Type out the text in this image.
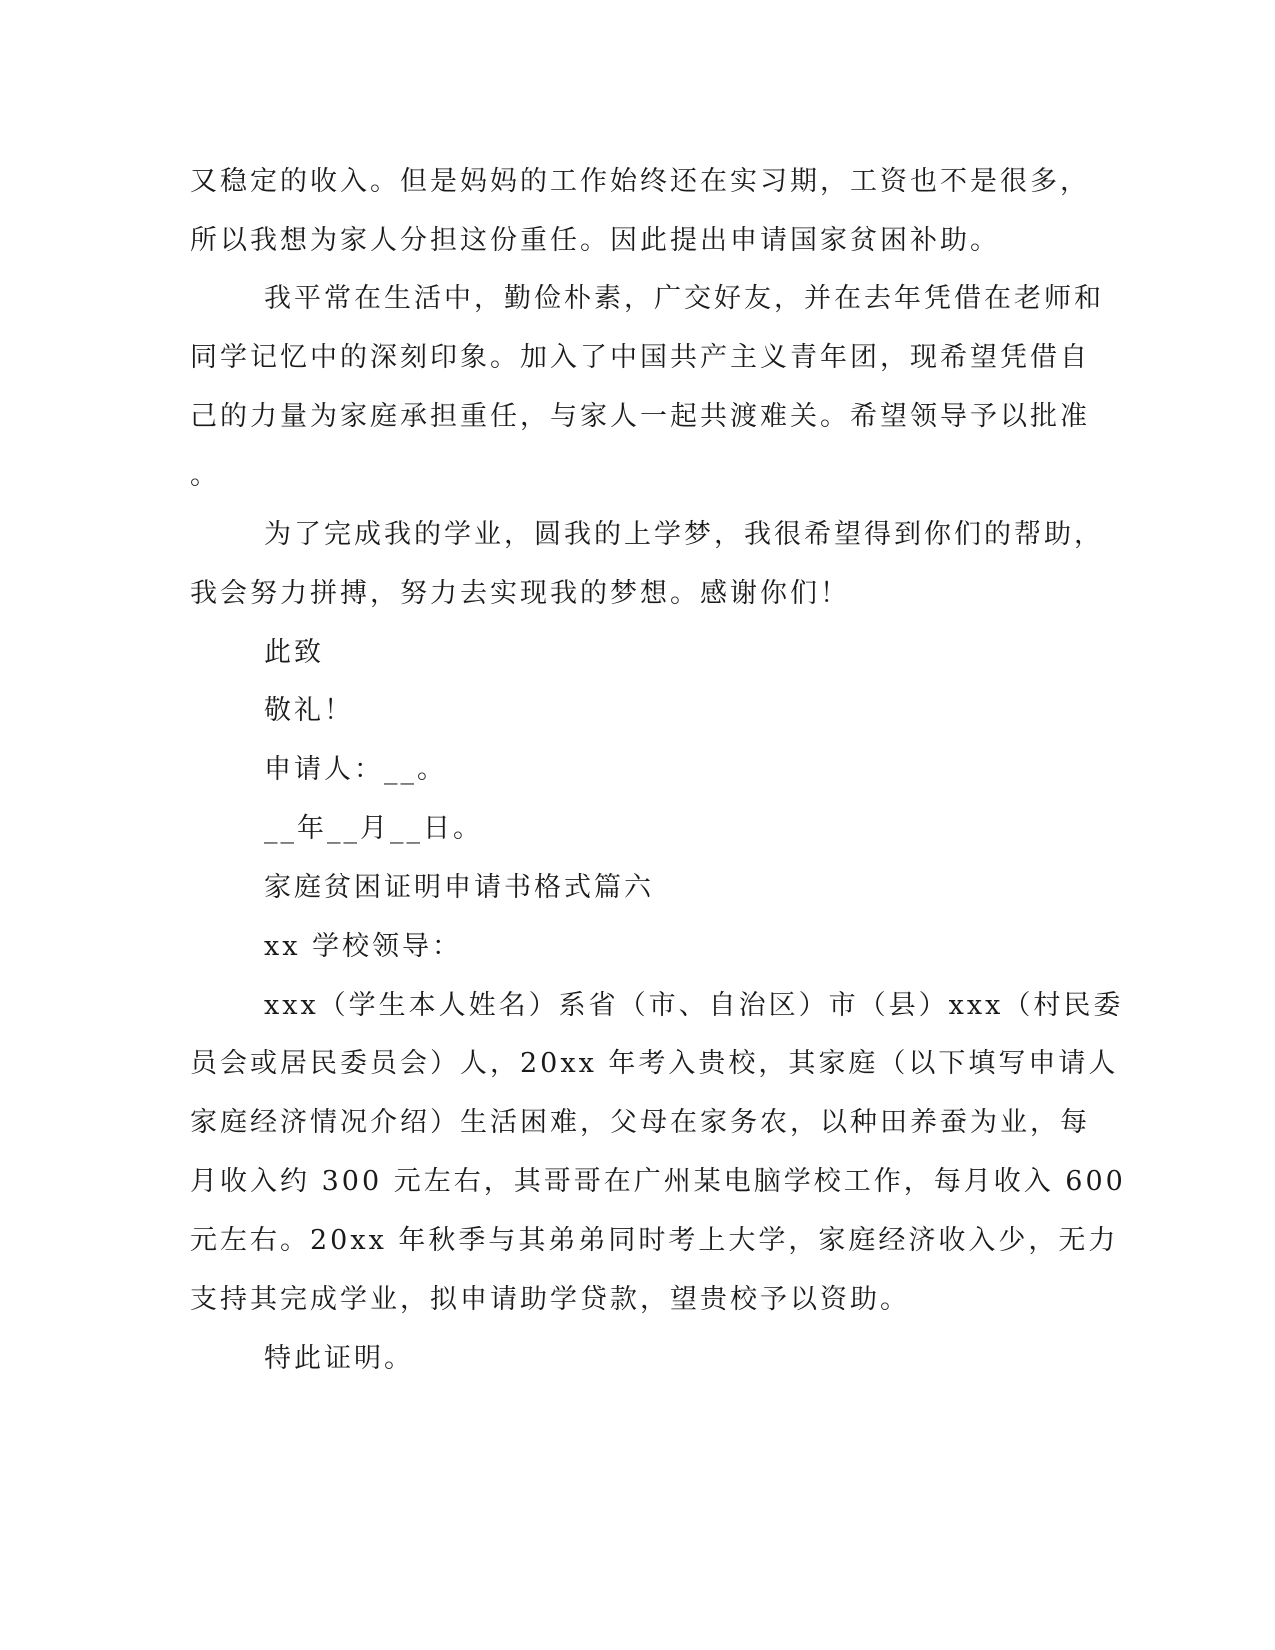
又稳定的收入。但是妈妈的工作始终还在实习期，工资也不是很多，
所以我想为家人分担这份重任。因此提出申请国家贫困补助。
我平常在生活中，勤俭朴素，广交好友，并在去年凭借在老师和
同学记忆中的深刻印象。加入了中国共产主义青年团，现希望凭借自
己的力量为家庭承担重任，与家人一起共渡难关。希望领导予以批准
。
为了完成我的学业，圆我的上学梦，我很希望得到你们的帮助，
我会努力拼搏，努力去实现我的梦想。感谢你们！
此致
敬礼！
申请人：__。
__年__月__日。
家庭贫困证明申请书格式篇六
xx 学校领导：
xxx（学生本人姓名）系省（市、自治区）市（县）xxx（村民委
员会或居民委员会）人，20xx 年考入贵校，其家庭（以下填写申请人
家庭经济情况介绍）生活困难，父母在家务农，以种田养蚕为业，每
月收入约 300 元左右，其哥哥在广州某电脑学校工作，每月收入 600
元左右。20xx 年秋季与其弟弟同时考上大学，家庭经济收入少，无力
支持其完成学业，拟申请助学贷款，望贵校予以资助。
特此证明。
